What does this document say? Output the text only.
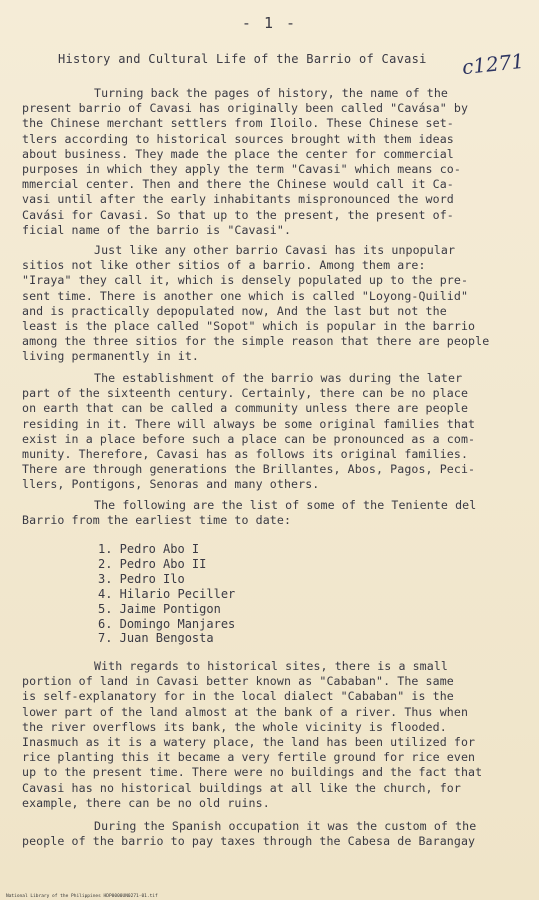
- 1 -
History and Cultural Life of the Barrio of Cavasi c1271

Turning back the pages of history, the name of the
present barrio of Cavasi has originally been called "Cavása" by
the Chinese merchant settlers from Iloilo. These Chinese set-
tlers according to historical sources brought with them ideas
about business. They made the place the center for commercial
purposes in which they apply the term "Cavasi" which means co-
mmercial center. Then and there the Chinese would call it Ca-
vasi until after the early inhabitants mispronounced the word
Cavási for Cavasi. So that up to the present, the present of-
ficial name of the barrio is "Cavasi".

Just like any other barrio Cavasi has its unpopular
sitios not like other sitios of a barrio. Among them are:
"Iraya" they call it, which is densely populated up to the pre-
sent time. There is another one which is called "Loyong-Quilid"
and is practically depopulated now, And the last but not the
least is the place called "Sopot" which is popular in the barrio
among the three sitios for the simple reason that there are people
living permanently in it.

The establishment of the barrio was during the later
part of the sixteenth century. Certainly, there can be no place
on earth that can be called a community unless there are people
residing in it. There will always be some original families that
exist in a place before such a place can be pronounced as a com-
munity. Therefore, Cavasi has as follows its original families.
There are through generations the Brillantes, Abos, Pagos, Peci-
llers, Pontigons, Senoras and many others.

The following are the list of some of the Teniente del
Barrio from the earliest time to date:

1. Pedro Abo I
2. Pedro Abo II
3. Pedro Ilo
4. Hilario Peciller
5. Jaime Pontigon
6. Domingo Manjares
7. Juan Bengosta

With regards to historical sites, there is a small
portion of land in Cavasi better known as "Cababan". The same
is self-explanatory for in the local dialect "Cababan" is the
lower part of the land almost at the bank of a river. Thus when
the river overflows its bank, the whole vicinity is flooded.
Inasmuch as it is a watery place, the land has been utilized for
rice planting this it became a very fertile ground for rice even
up to the present time. There were no buildings and the fact that
Cavasi has no historical buildings at all like the church, for
example, there can be no old ruins.

During the Spanish occupation it was the custom of the
people of the barrio to pay taxes through the Cabesa de Barangay

National Library of the Philippines HDP0000UN0271-01.tif
